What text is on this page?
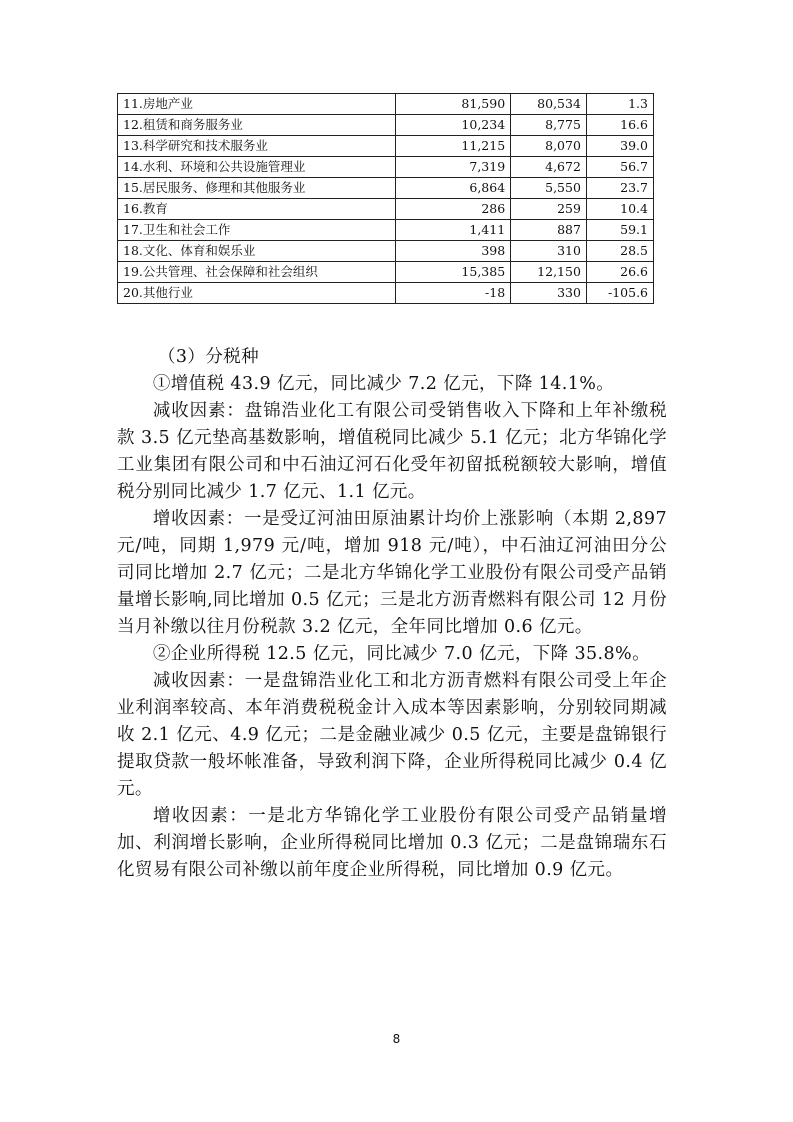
11.房地产业	81,590	80,534	1.3
12.租赁和商务服务业	10,234	8,775	16.6
13.科学研究和技术服务业	11,215	8,070	39.0
14.水利、环境和公共设施管理业	7,319	4,672	56.7
15.居民服务、修理和其他服务业	6,864	5,550	23.7
16.教育	286	259	10.4
17.卫生和社会工作	1,411	887	59.1
18.文化、体育和娱乐业	398	310	28.5
19.公共管理、社会保障和社会组织	15,385	12,150	26.6
20.其他行业	-18	330	-105.6
（3）分税种

①增值税 43.9 亿元，同比减少 7.2 亿元，下降 14.1%。

减收因素：盘锦浩业化工有限公司受销售收入下降和上年补缴税款 3.5 亿元垫高基数影响，增值税同比减少 5.1 亿元；北方华锦化学工业集团有限公司和中石油辽河石化受年初留抵税额较大影响，增值税分别同比减少 1.7 亿元、1.1 亿元。

增收因素：一是受辽河油田原油累计均价上涨影响（本期 2,897 元/吨，同期 1,979 元/吨，增加 918 元/吨），中石油辽河油田分公司同比增加 2.7 亿元；二是北方华锦化学工业股份有限公司受产品销量增长影响,同比增加 0.5 亿元；三是北方沥青燃料有限公司 12 月份当月补缴以往月份税款 3.2 亿元，全年同比增加 0.6 亿元。

②企业所得税 12.5 亿元，同比减少 7.0 亿元，下降 35.8%。

减收因素：一是盘锦浩业化工和北方沥青燃料有限公司受上年企业利润率较高、本年消费税税金计入成本等因素影响，分别较同期减收 2.1 亿元、4.9 亿元；二是金融业减少 0.5 亿元，主要是盘锦银行提取贷款一般坏帐准备，导致利润下降，企业所得税同比减少 0.4 亿元。

增收因素：一是北方华锦化学工业股份有限公司受产品销量增加、利润增长影响，企业所得税同比增加 0.3 亿元；二是盘锦瑞东石化贸易有限公司补缴以前年度企业所得税，同比增加 0.9 亿元。

8
